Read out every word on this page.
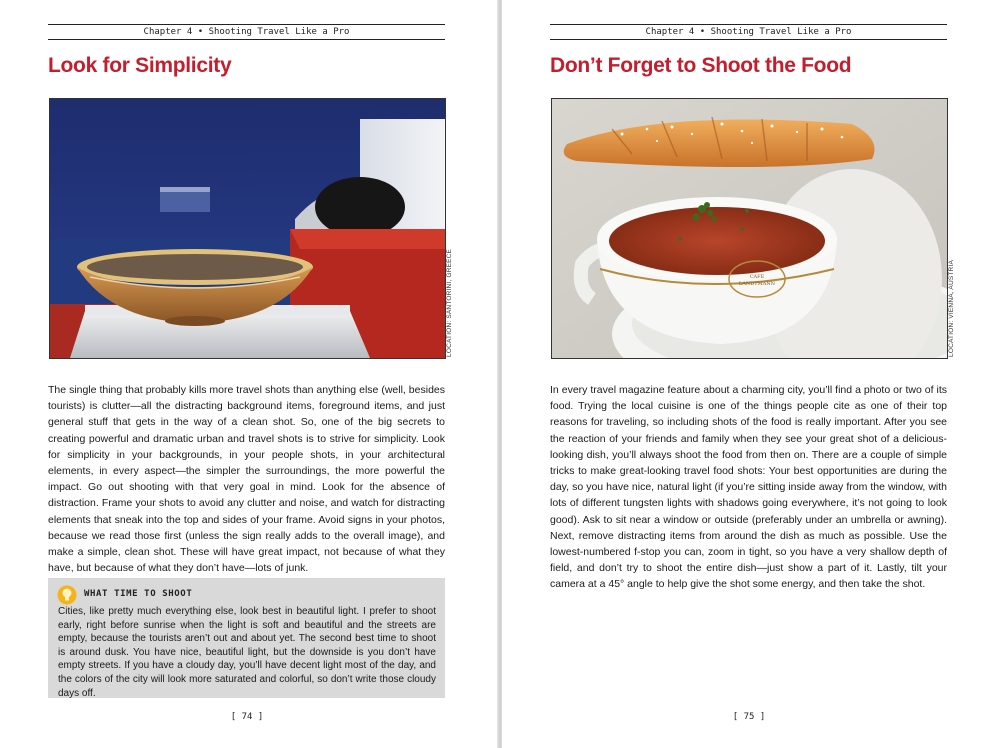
Chapter 4 • Shooting Travel Like a Pro
Look for Simplicity
LOCATION: SANTORINI, GREECE

The single thing that probably kills more travel shots than anything else (well, besides tourists) is clutter—all the distracting background items, foreground items, and just general stuff that gets in the way of a clean shot. So, one of the big secrets to creating powerful and dramatic urban and travel shots is to strive for simplicity. Look for simplicity in your backgrounds, in your people shots, in your architectural elements, in every aspect—the simpler the surroundings, the more powerful the impact. Go out shooting with that very goal in mind. Look for the absence of distraction. Frame your shots to avoid any clutter and noise, and watch for distracting elements that sneak into the top and sides of your frame. Avoid signs in your photos, because we read those first (unless the sign really adds to the overall image), and make a simple, clean shot. These will have great impact, not because of what they have, but because of what they don’t have—lots of junk.

WHAT TIME TO SHOOT

Cities, like pretty much everything else, look best in beautiful light. I prefer to shoot early, right before sunrise when the light is soft and beautiful and the streets are empty, because the tourists aren’t out and about yet. The second best time to shoot is around dusk. You have nice, beautiful light, but the downside is you don’t have empty streets. If you have a cloudy day, you’ll have decent light most of the day, and the colors of the city will look more saturated and colorful, so don’t write those cloudy days off.

[ 74 ]
Chapter 4 • Shooting Travel Like a Pro
Don’t Forget to Shoot the Food
CAFE
LANDTMANN	LOCATION: VIENNA, AUSTRIA

In every travel magazine feature about a charming city, you’ll find a photo or two of its food. Trying the local cuisine is one of the things people cite as one of their top reasons for traveling, so including shots of the food is really important. After you see the reaction of your friends and family when they see your great shot of a delicious-looking dish, you’ll always shoot the food from then on. There are a couple of simple tricks to make great-looking travel food shots: Your best opportunities are during the day, so you have nice, natural light (if you’re sitting inside away from the window, with lots of different tungsten lights with shadows going everywhere, it’s not going to look good). Ask to sit near a window or outside (preferably under an umbrella or awning). Next, remove distracting items from around the dish as much as possible. Use the lowest-numbered f-stop you can, zoom in tight, so you have a very shallow depth of field, and don’t try to shoot the entire dish—just show a part of it. Lastly, tilt your camera at a 45° angle to help give the shot some energy, and then take the shot.

[ 75 ]
